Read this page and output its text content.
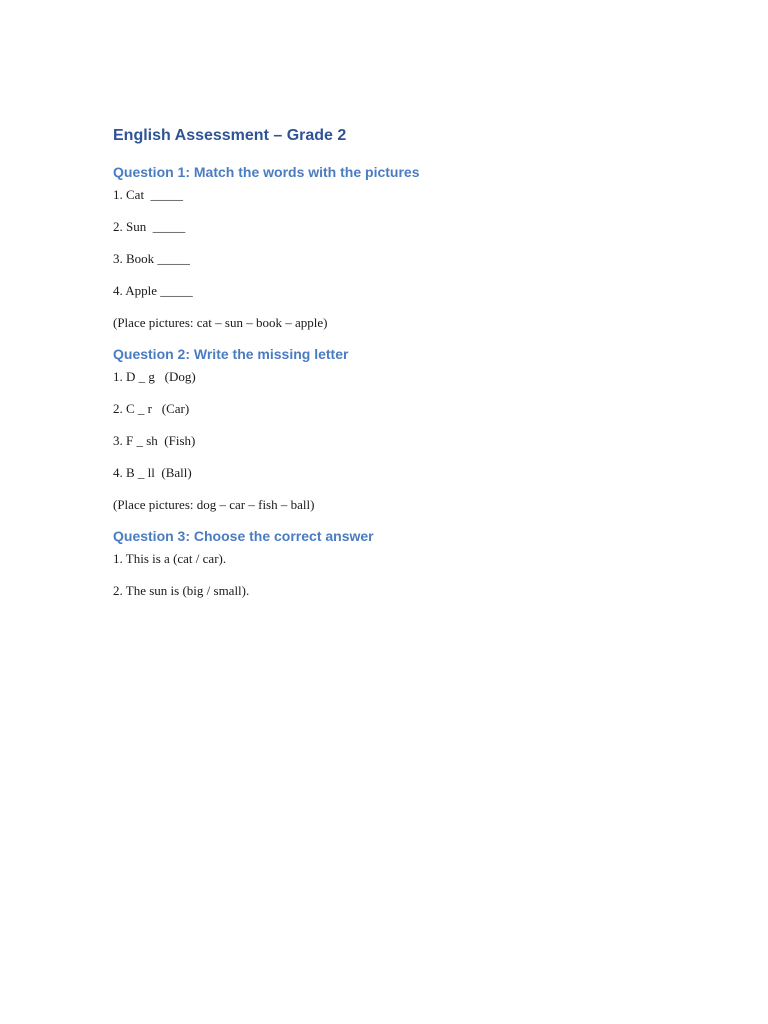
English Assessment – Grade 2
Question 1: Match the words with the pictures

1. Cat  _____

2. Sun  _____

3. Book _____

4. Apple _____

(Place pictures: cat – sun – book – apple)

Question 2: Write the missing letter

1. D _ g   (Dog)

2. C _ r   (Car)

3. F _ sh  (Fish)

4. B _ ll  (Ball)

(Place pictures: dog – car – fish – ball)

Question 3: Choose the correct answer

1. This is a (cat / car).

2. The sun is (big / small).
